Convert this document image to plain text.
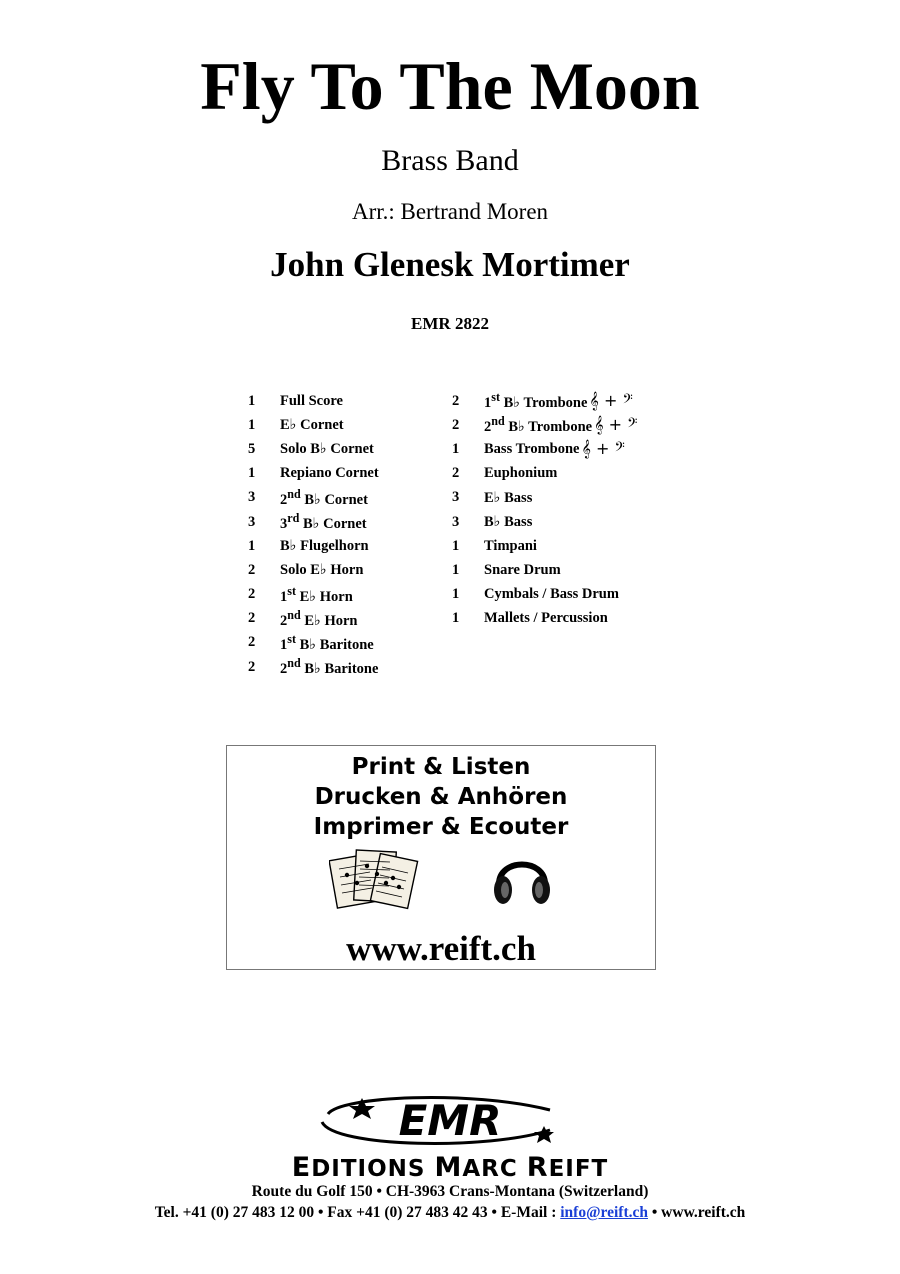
Fly To The Moon
Brass Band
Arr.: Bertrand Moren
John Glenesk Mortimer
EMR 2822
1	Full Score
1	E♭ Cornet
5	Solo B♭ Cornet
1	Repiano Cornet
3	2nd B♭ Cornet
3	3rd B♭ Cornet
1	B♭ Flugelhorn
2	Solo E♭ Horn
2	1st E♭ Horn
2	2nd E♭ Horn
2	1st B♭ Baritone
2	2nd B♭ Baritone
2	1st B♭ Trombone 𝄞 + 𝄢
2	2nd B♭ Trombone 𝄞 + 𝄢
1	Bass Trombone 𝄞 + 𝄢
2	Euphonium
3	E♭ Bass
3	B♭ Bass
1	Timpani
1	Snare Drum
1	Cymbals / Bass Drum
1	Mallets / Percussion
Print & Listen
Drucken & Anhören
Imprimer & Ecouter
www.reift.ch
EMR
EDITIONS MARC REIFT
Route du Golf 150 • CH-3963 Crans-Montana (Switzerland)
Tel. +41 (0) 27 483 12 00 • Fax +41 (0) 27 483 42 43 • E-Mail : info@reift.ch • www.reift.ch
